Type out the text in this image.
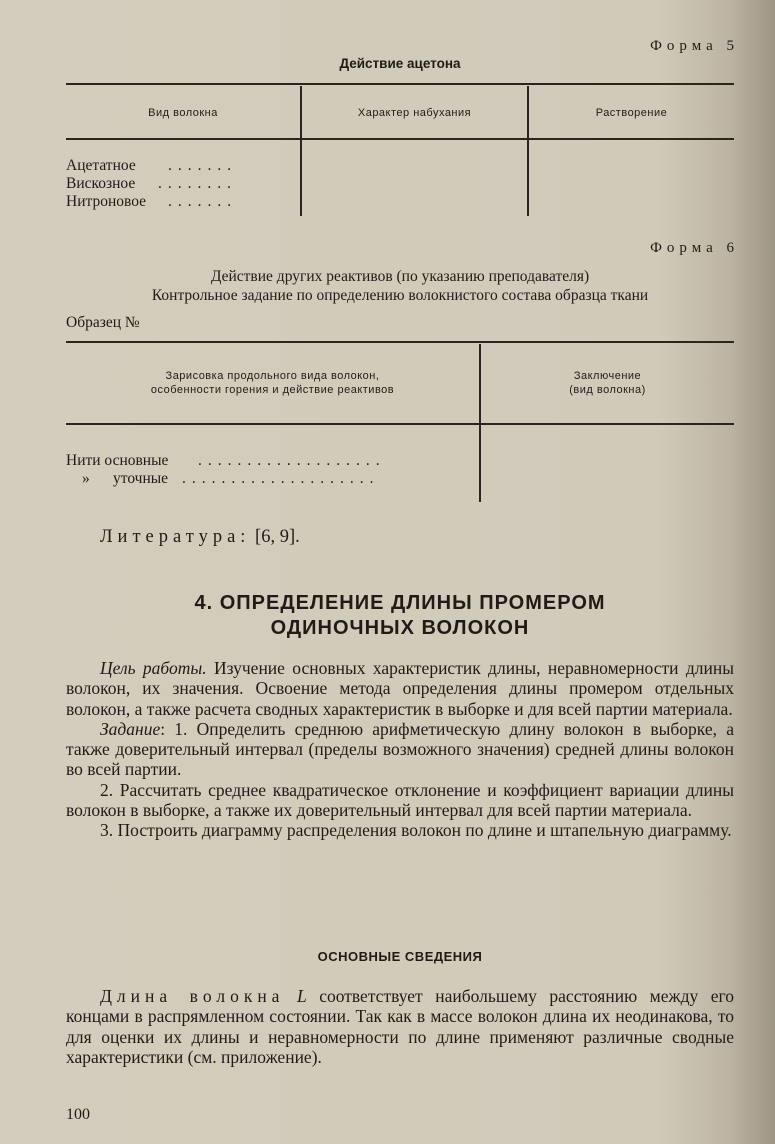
Форма 5
Действие ацетона
Вид волокна	Характер набухания	Растворение
Ацетатное .......
Вискозное ........
Нитроновое .......
Форма 6
Действие других реактивов (по указанию преподавателя)
Контрольное задание по определению волокнистого состава образца ткани
Образец №
Зарисовка продольного вида волокон,
особенности горения и действие реактивов
Заключение
(вид волокна)
Нити основные ...................
» уточные ....................
Литература: [6, 9].
4. ОПРЕДЕЛЕНИЕ ДЛИНЫ ПРОМЕРОМ
ОДИНОЧНЫХ ВОЛОКОН

Цель работы. Изучение основных характеристик длины, неравномерности длины волокон, их значения. Освоение метода определения длины промером отдельных волокон, а также расчета сводных характеристик в выборке и для всей партии материала.

Задание: 1. Определить среднюю арифметическую длину волокон в выборке, а также доверительный интервал (пределы возможного значения) средней длины волокон во всей партии.

2. Рассчитать среднее квадратическое отклонение и коэффициент вариации длины волокон в выборке, а также их доверительный интервал для всей партии материала.

3. Построить диаграмму распределения волокон по длине и штапельную диаграмму.

ОСНОВНЫЕ СВЕДЕНИЯ

Длина волокна L соответствует наибольшему расстоянию между его концами в распрямленном состоянии. Так как в массе волокон длина их неодинакова, то для оценки их длины и неравномерности по длине применяют различные сводные характеристики (см. приложение).

100
